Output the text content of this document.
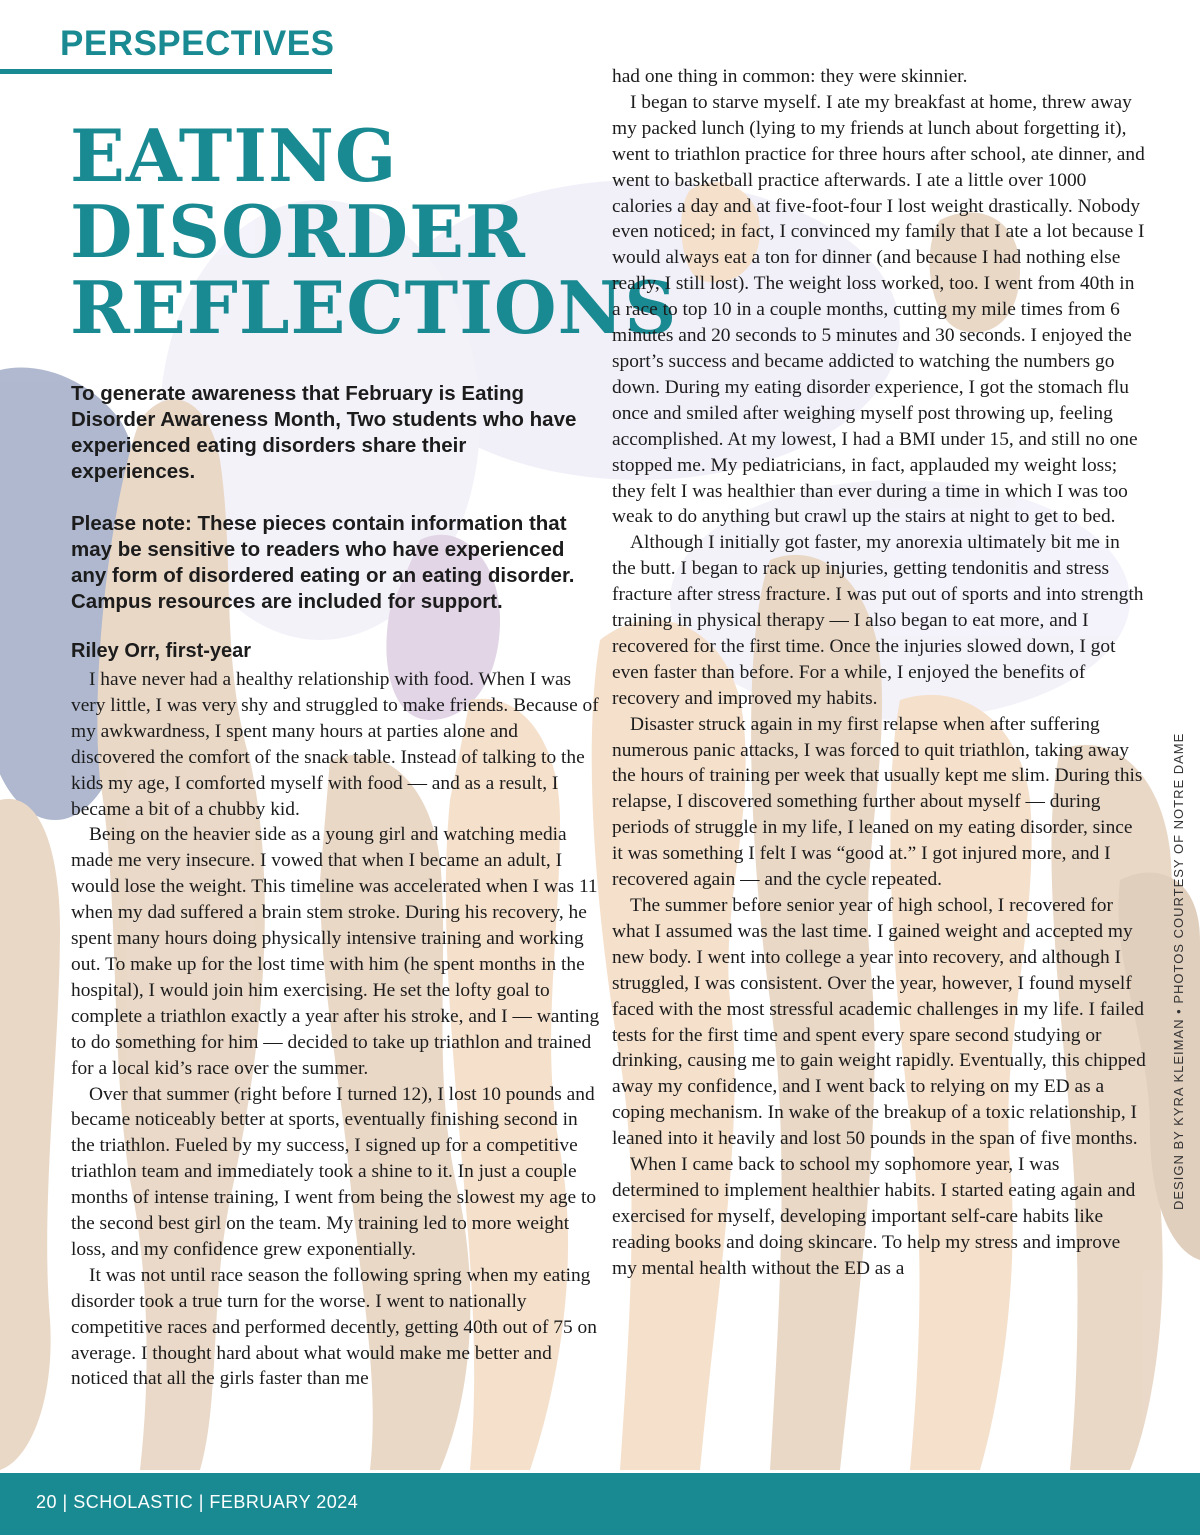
PERSPECTIVES
EATING
DISORDER
REFLECTIONS

To generate awareness that February is Eating Disorder Awareness Month, Two students who have experienced eating disorders share their experiences.

Please note: These pieces contain information that may be sensitive to readers who have experienced any form of disordered eating or an eating disorder. Campus resources are included for support.

Riley Orr, first-year

I have never had a healthy relationship with food. When I was very little, I was very shy and struggled to make friends. Because of my awkwardness, I spent many hours at parties alone and discovered the comfort of the snack table. Instead of talking to the kids my age, I comforted myself with food — and as a result, I became a bit of a chubby kid.

Being on the heavier side as a young girl and watching media made me very insecure. I vowed that when I became an adult, I would lose the weight. This timeline was accelerated when I was 11 when my dad suffered a brain stem stroke. During his recovery, he spent many hours doing physically intensive training and working out. To make up for the lost time with him (he spent months in the hospital), I would join him exercising. He set the lofty goal to complete a triathlon exactly a year after his stroke, and I — wanting to do something for him — decided to take up triathlon and trained for a local kid’s race over the summer.

Over that summer (right before I turned 12), I lost 10 pounds and became noticeably better at sports, eventually finishing second in the triathlon. Fueled by my success, I signed up for a competitive triathlon team and immediately took a shine to it. In just a couple months of intense training, I went from being the slowest my age to the second best girl on the team. My training led to more weight loss, and my confidence grew exponentially.

It was not until race season the following spring when my eating disorder took a true turn for the worse. I went to nationally competitive races and performed decently, getting 40th out of 75 on average. I thought hard about what would make me better and noticed that all the girls faster than me

had one thing in common: they were skinnier.

I began to starve myself. I ate my breakfast at home, threw away my packed lunch (lying to my friends at lunch about forgetting it), went to triathlon practice for three hours after school, ate dinner, and went to basketball practice afterwards. I ate a little over 1000 calories a day and at five-foot-four I lost weight drastically. Nobody even noticed; in fact, I convinced my family that I ate a lot because I would always eat a ton for dinner (and because I had nothing else really, I still lost). The weight loss worked, too. I went from 40th in a race to top 10 in a couple months, cutting my mile times from 6 minutes and 20 seconds to 5 minutes and 30 seconds. I enjoyed the sport’s success and became addicted to watching the numbers go down. During my eating disorder experience, I got the stomach flu once and smiled after weighing myself post throwing up, feeling accomplished. At my lowest, I had a BMI under 15, and still no one stopped me. My pediatricians, in fact, applauded my weight loss; they felt I was healthier than ever during a time in which I was too weak to do anything but crawl up the stairs at night to get to bed.

Although I initially got faster, my anorexia ultimately bit me in the butt. I began to rack up injuries, getting tendonitis and stress fracture after stress fracture. I was put out of sports and into strength training in physical therapy — I also began to eat more, and I recovered for the first time. Once the injuries slowed down, I got even faster than before. For a while, I enjoyed the benefits of recovery and improved my habits.

Disaster struck again in my first relapse when after suffering numerous panic attacks, I was forced to quit triathlon, taking away the hours of training per week that usually kept me slim. During this relapse, I discovered something further about myself — during periods of struggle in my life, I leaned on my eating disorder, since it was something I felt I was “good at.” I got injured more, and I recovered again — and the cycle repeated.

The summer before senior year of high school, I recovered for what I assumed was the last time. I gained weight and accepted my new body. I went into college a year into recovery, and although I struggled, I was consistent. Over the year, however, I found myself faced with the most stressful academic challenges in my life. I failed tests for the first time and spent every spare second studying or drinking, causing me to gain weight rapidly. Eventually, this chipped away my confidence, and I went back to relying on my ED as a coping mechanism. In wake of the breakup of a toxic relationship, I leaned into it heavily and lost 50 pounds in the span of five months.

When I came back to school my sophomore year, I was determined to implement healthier habits. I started eating again and exercised for myself, developing important self-care habits like reading books and doing skincare. To help my stress and improve my mental health without the ED as a

DESIGN BY KYRA KLEIMAN • PHOTOS COURTESY OF NOTRE DAME

20 | SCHOLASTIC | FEBRUARY 2024
